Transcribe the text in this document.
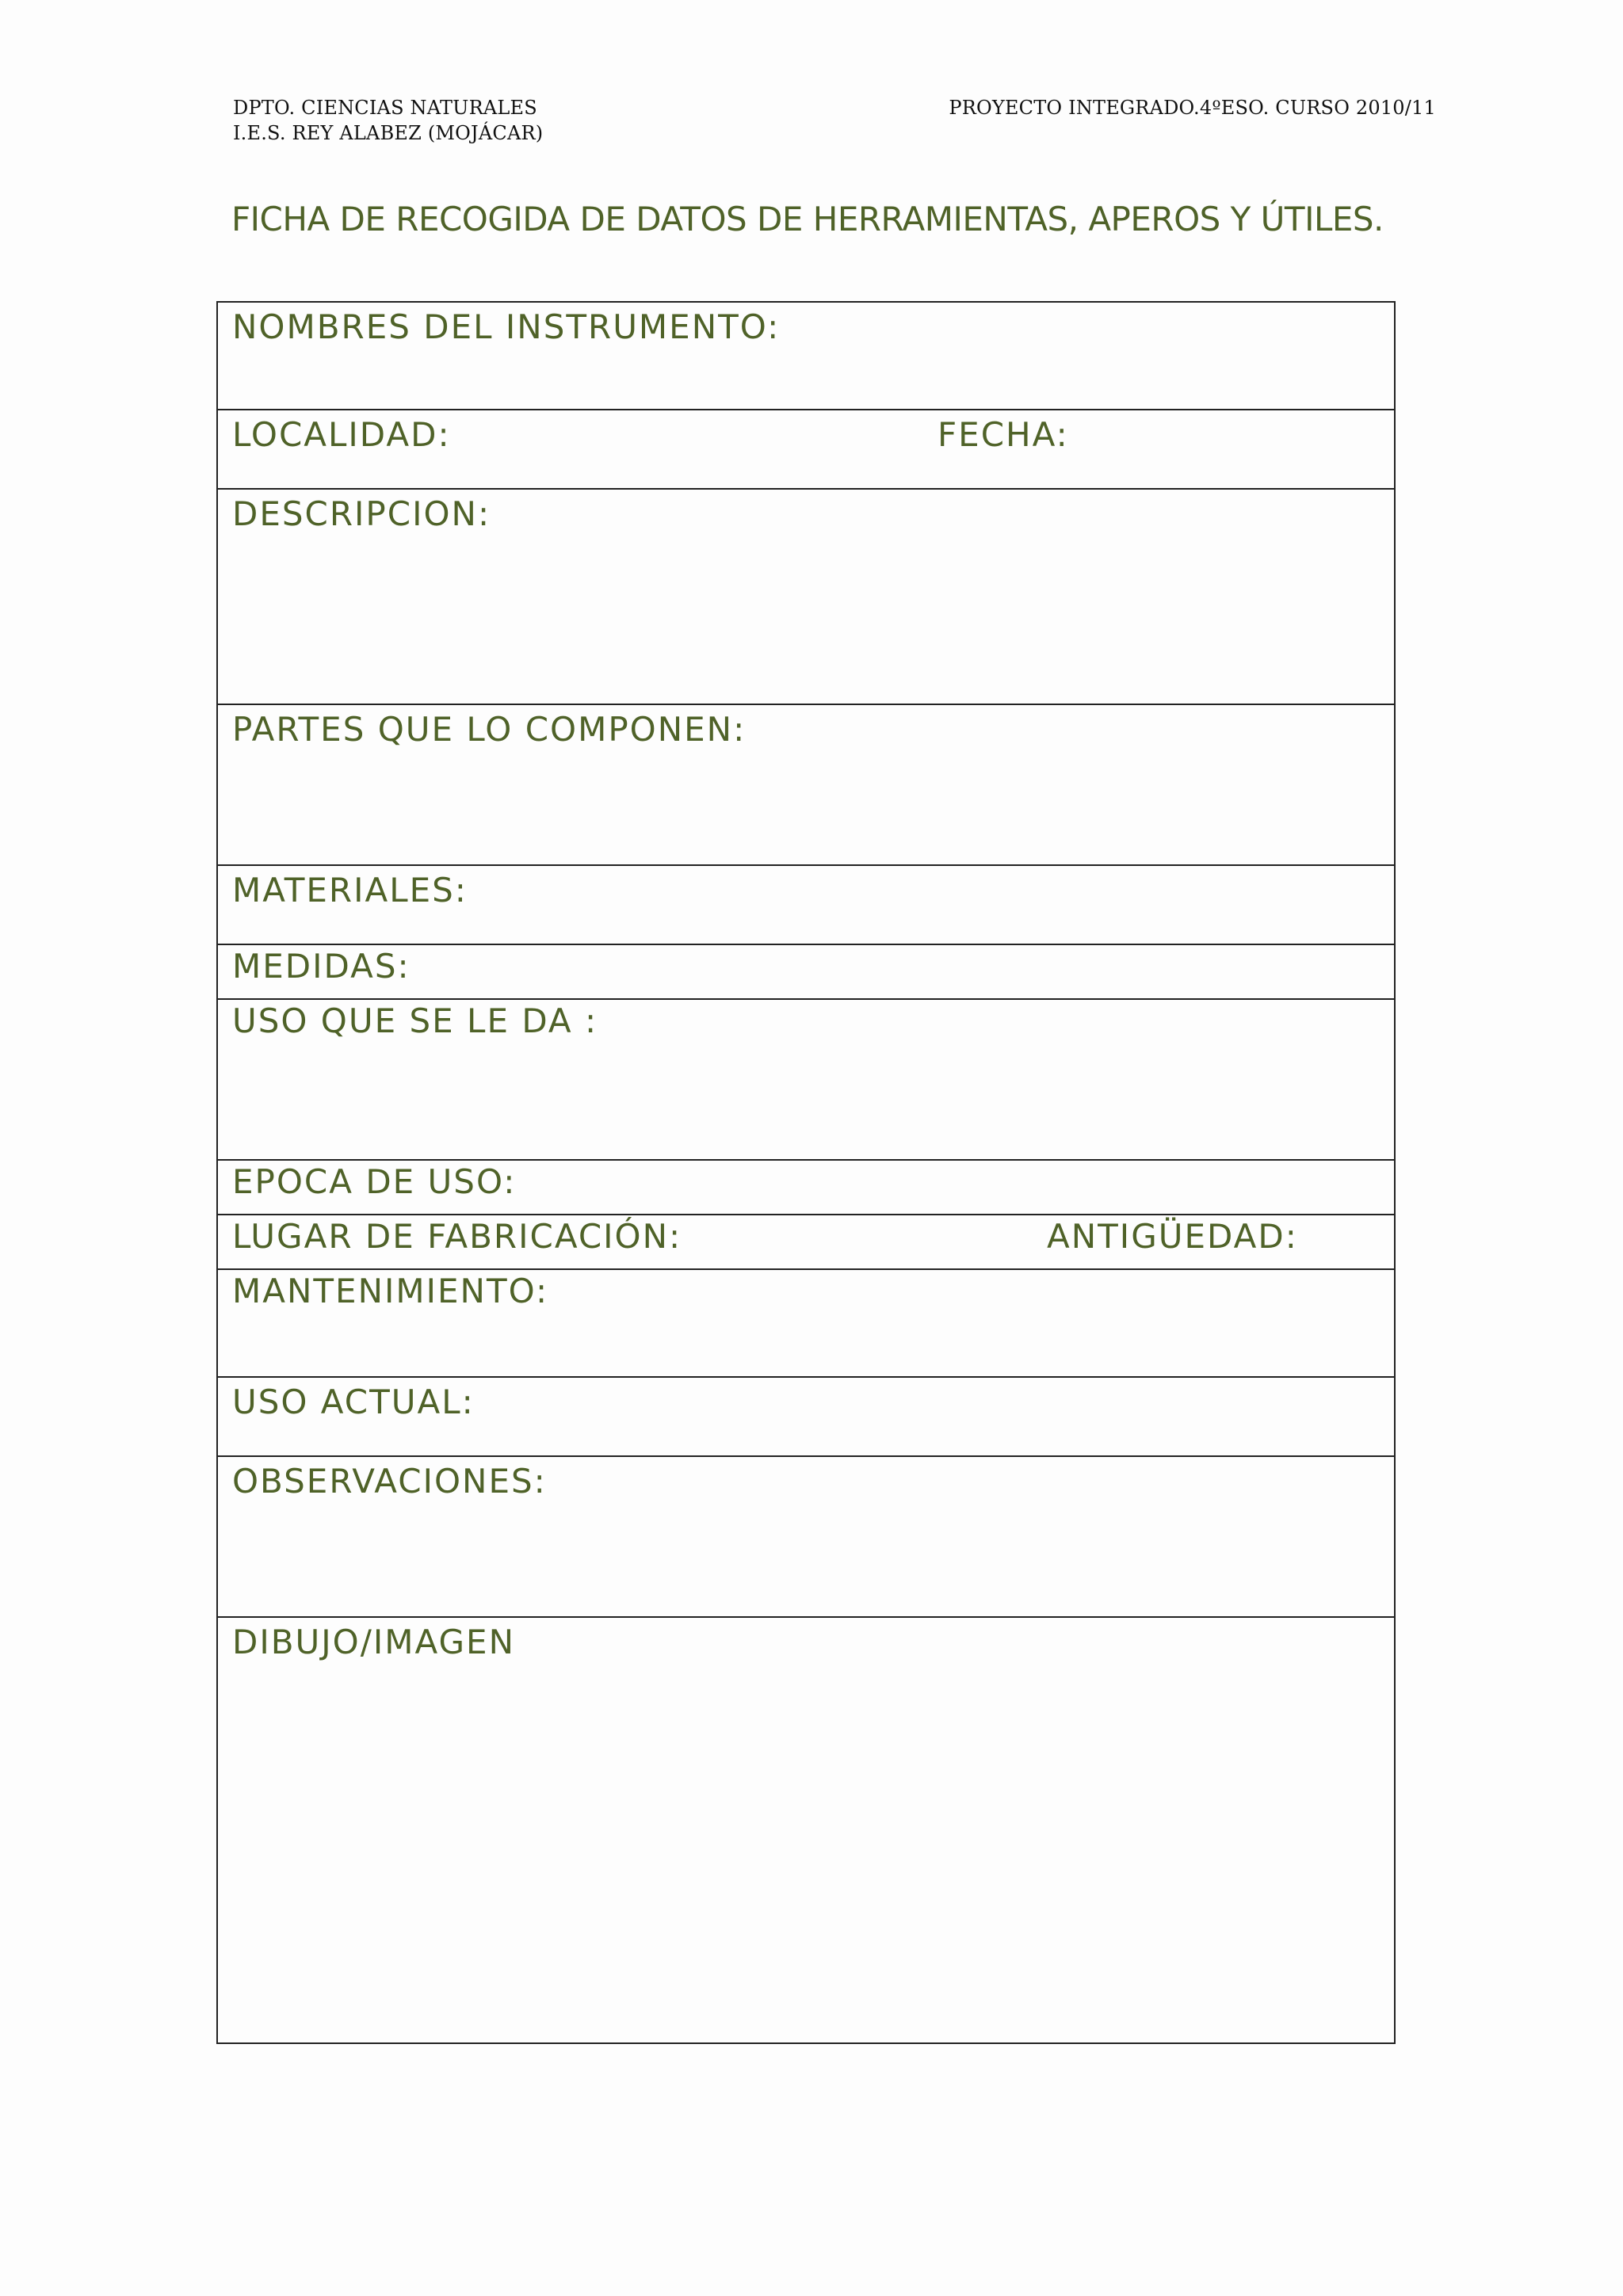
DPTO. CIENCIAS NATURALES
I.E.S. REY ALABEZ (MOJÁCAR)
PROYECTO INTEGRADO.4ºESO. CURSO 2010/11
FICHA DE RECOGIDA DE DATOS DE HERRAMIENTAS, APEROS Y ÚTILES.
NOMBRES DEL INSTRUMENTO:
LOCALIDAD:	FECHA:
DESCRIPCION:
PARTES QUE LO COMPONEN:
MATERIALES:
MEDIDAS:
USO QUE SE LE DA :
EPOCA DE USO:
LUGAR DE FABRICACIÓN:	ANTIGÜEDAD:
MANTENIMIENTO:
USO ACTUAL:
OBSERVACIONES:
DIBUJO/IMAGEN
